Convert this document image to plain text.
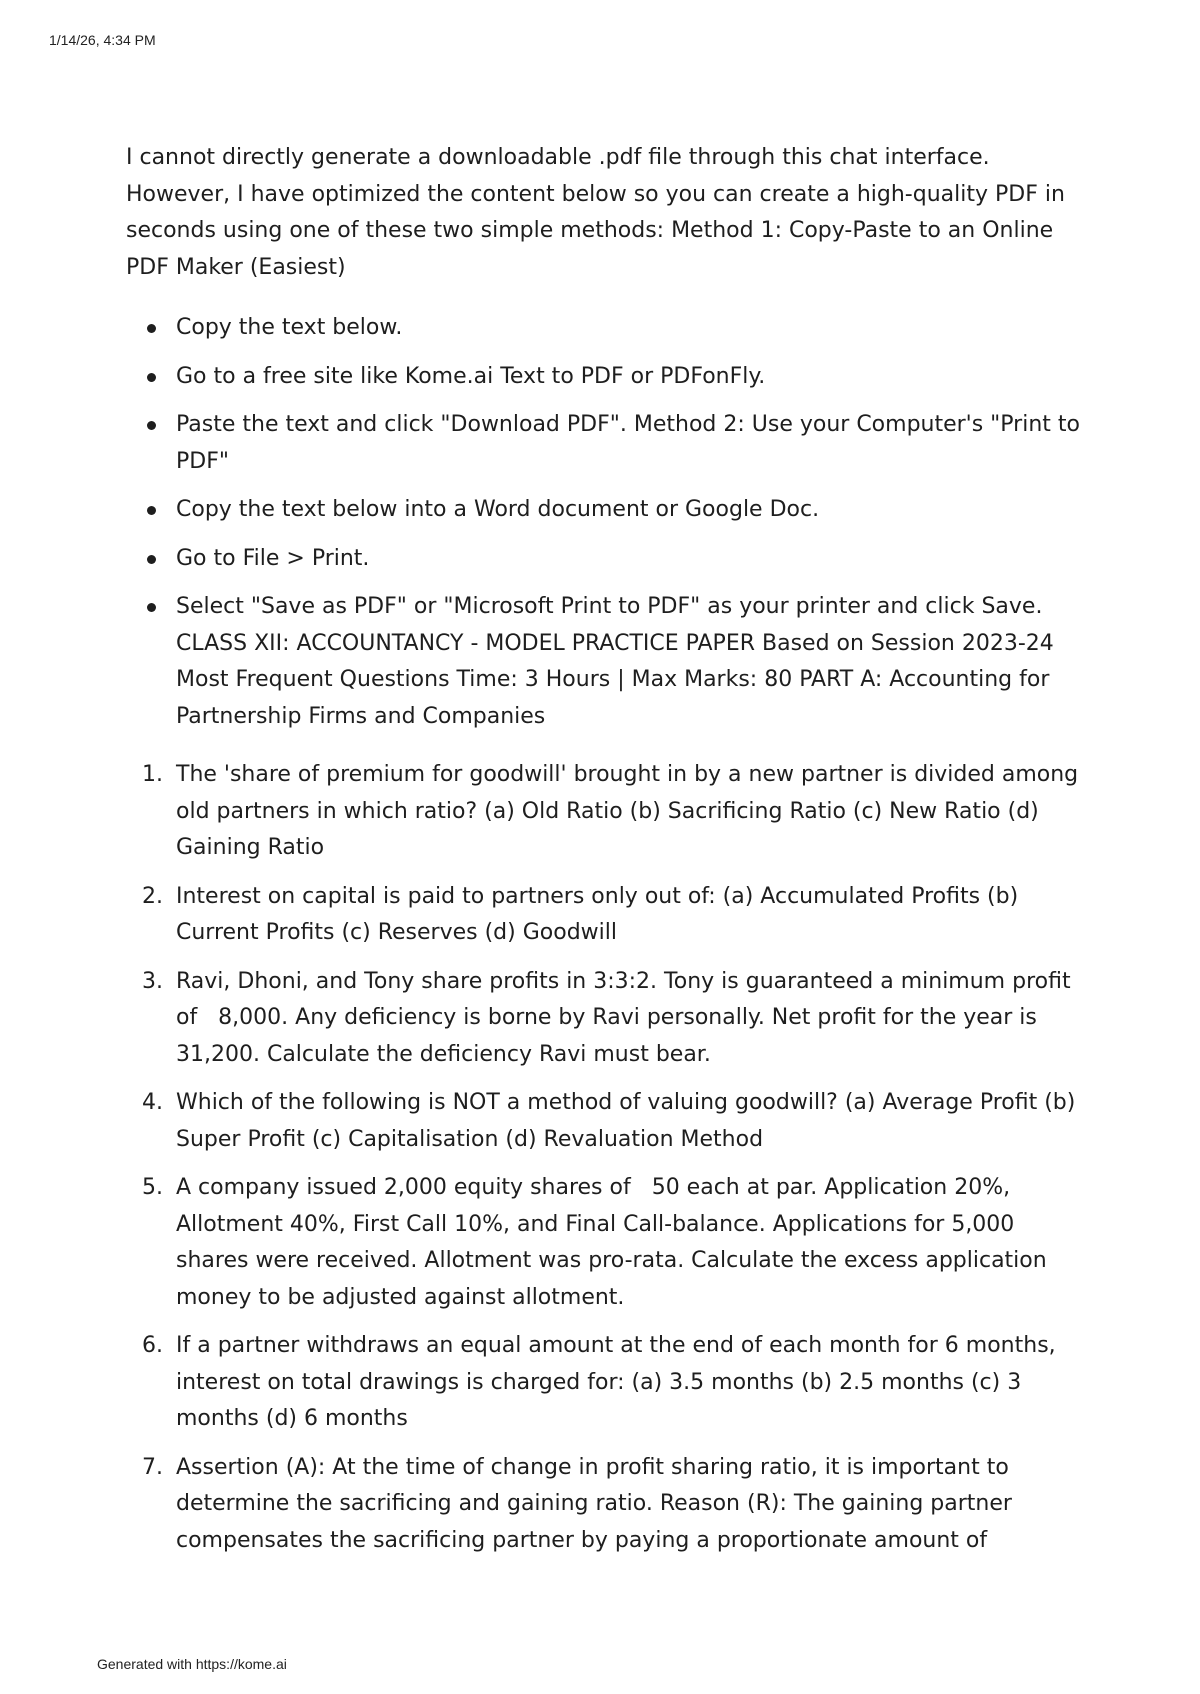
1/14/26, 4:34 PM

I cannot directly generate a downloadable .pdf file through this chat interface. However, I have optimized the content below so you can create a high-quality PDF in seconds using one of these two simple methods: Method 1: Copy-Paste to an Online PDF Maker (Easiest)

Copy the text below.
Go to a free site like Kome.ai Text to PDF or PDFonFly.
Paste the text and click "Download PDF". Method 2: Use your Computer's "Print to PDF"
Copy the text below into a Word document or Google Doc.
Go to File > Print.
Select "Save as PDF" or "Microsoft Print to PDF" as your printer and click Save. CLASS XII: ACCOUNTANCY - MODEL PRACTICE PAPER Based on Session 2023-24 Most Frequent Questions Time: 3 Hours | Max Marks: 80 PART A: Accounting for Partnership Firms and Companies
1. The 'share of premium for goodwill' brought in by a new partner is divided among old partners in which ratio? (a) Old Ratio (b) Sacrificing Ratio (c) New Ratio (d) Gaining Ratio
2. Interest on capital is paid to partners only out of: (a) Accumulated Profits (b) Current Profits (c) Reserves (d) Goodwill
3. Ravi, Dhoni, and Tony share profits in 3:3:2. Tony is guaranteed a minimum profit of   8,000. Any deficiency is borne by Ravi personally. Net profit for the year is   31,200. Calculate the deficiency Ravi must bear.
4. Which of the following is NOT a method of valuing goodwill? (a) Average Profit (b) Super Profit (c) Capitalisation (d) Revaluation Method
5. A company issued 2,000 equity shares of   50 each at par. Application 20%, Allotment 40%, First Call 10%, and Final Call-balance. Applications for 5,000 shares were received. Allotment was pro-rata. Calculate the excess application money to be adjusted against allotment.
6. If a partner withdraws an equal amount at the end of each month for 6 months, interest on total drawings is charged for: (a) 3.5 months (b) 2.5 months (c) 3 months (d) 6 months
7. Assertion (A): At the time of change in profit sharing ratio, it is important to determine the sacrificing and gaining ratio. Reason (R): The gaining partner compensates the sacrificing partner by paying a proportionate amount of
Generated with https://kome.ai
